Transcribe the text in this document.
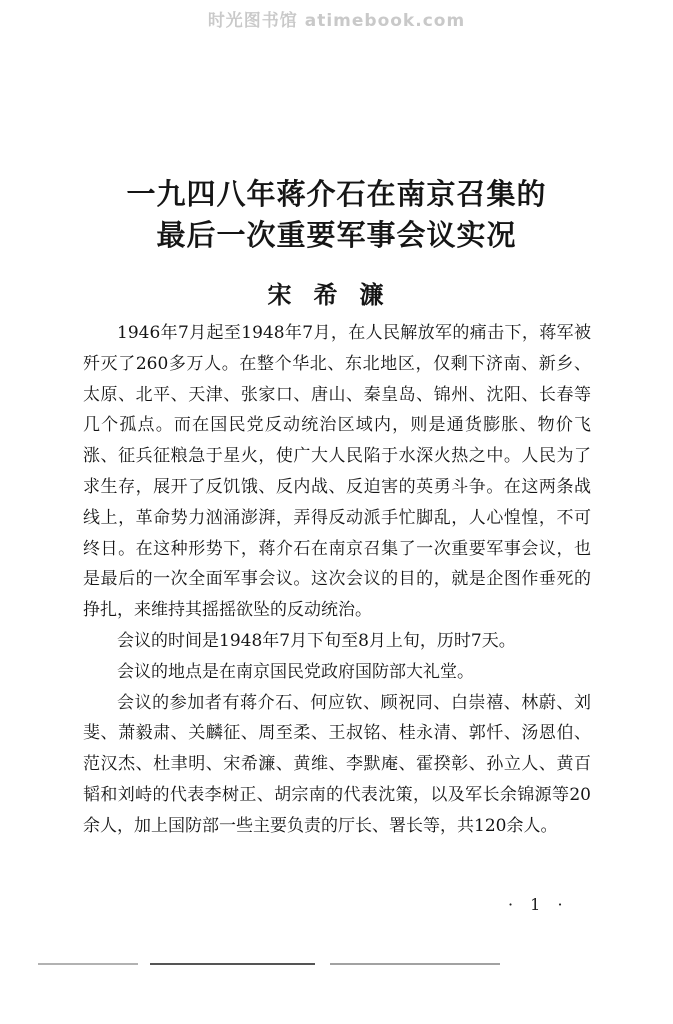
时光图书馆 atimebook.com
一九四八年蒋介石在南京召集的
最后一次重要军事会议实况
宋希濂

1946年7月起至1948年7月，在人民解放军的痛击下，蒋军被歼灭了260多万人。在整个华北、东北地区，仅剩下济南、新乡、太原、北平、天津、张家口、唐山、秦皇岛、锦州、沈阳、长春等几个孤点。而在国民党反动统治区域内，则是通货膨胀、物价飞涨、征兵征粮急于星火，使广大人民陷于水深火热之中。人民为了求生存，展开了反饥饿、反内战、反迫害的英勇斗争。在这两条战线上，革命势力汹涌澎湃，弄得反动派手忙脚乱，人心惶惶，不可终日。在这种形势下，蒋介石在南京召集了一次重要军事会议，也是最后的一次全面军事会议。这次会议的目的，就是企图作垂死的挣扎，来维持其摇摇欲坠的反动统治。

会议的时间是1948年7月下旬至8月上旬，历时7天。

会议的地点是在南京国民党政府国防部大礼堂。

会议的参加者有蒋介石、何应钦、顾祝同、白崇禧、林蔚、刘斐、萧毅肃、关麟征、周至柔、王叔铭、桂永清、郭忏、汤恩伯、范汉杰、杜聿明、宋希濂、黄维、李默庵、霍揆彰、孙立人、黄百韬和刘峙的代表李树正、胡宗南的代表沈策，以及军长余锦源等20余人，加上国防部一些主要负责的厅长、署长等，共120余人。

· 1 ·
